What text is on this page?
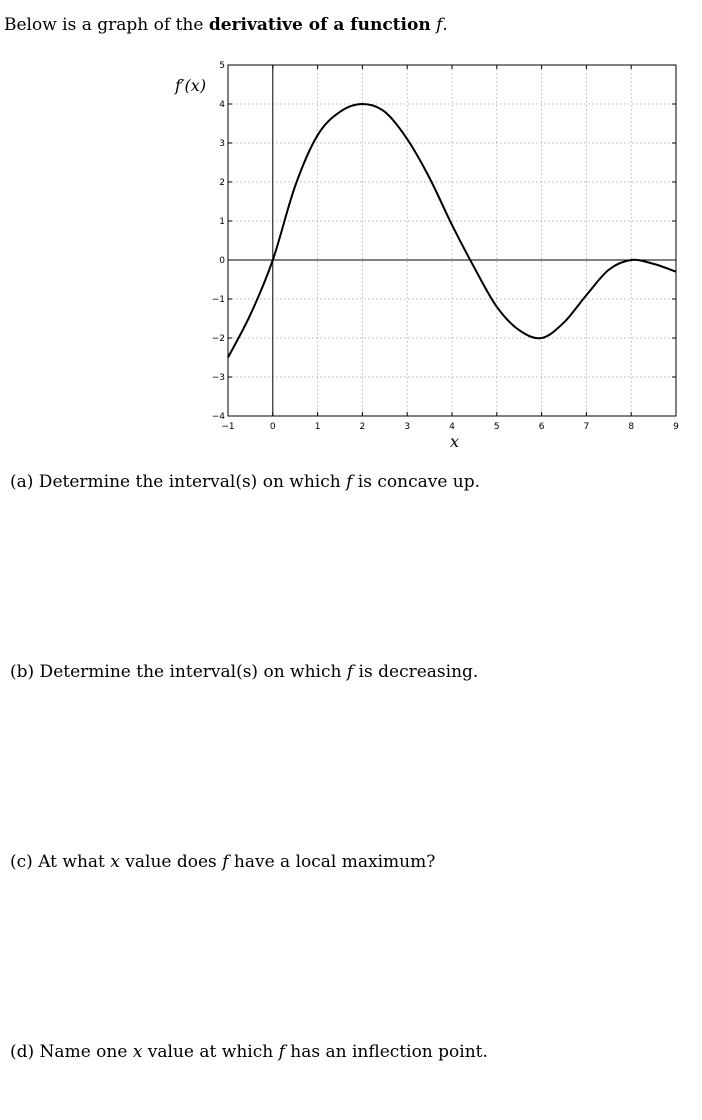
Below is a graph of the derivative of a function f.
−1	0	1	2	3	4	5	6	7	8	9
−4
−3
−2
−1
0
1
2
3
4
5
f′(x)
x
(a) Determine the interval(s) on which f is concave up.
(b) Determine the interval(s) on which f is decreasing.
(c) At what x value does f have a local maximum?
(d) Name one x value at which f has an inflection point.
